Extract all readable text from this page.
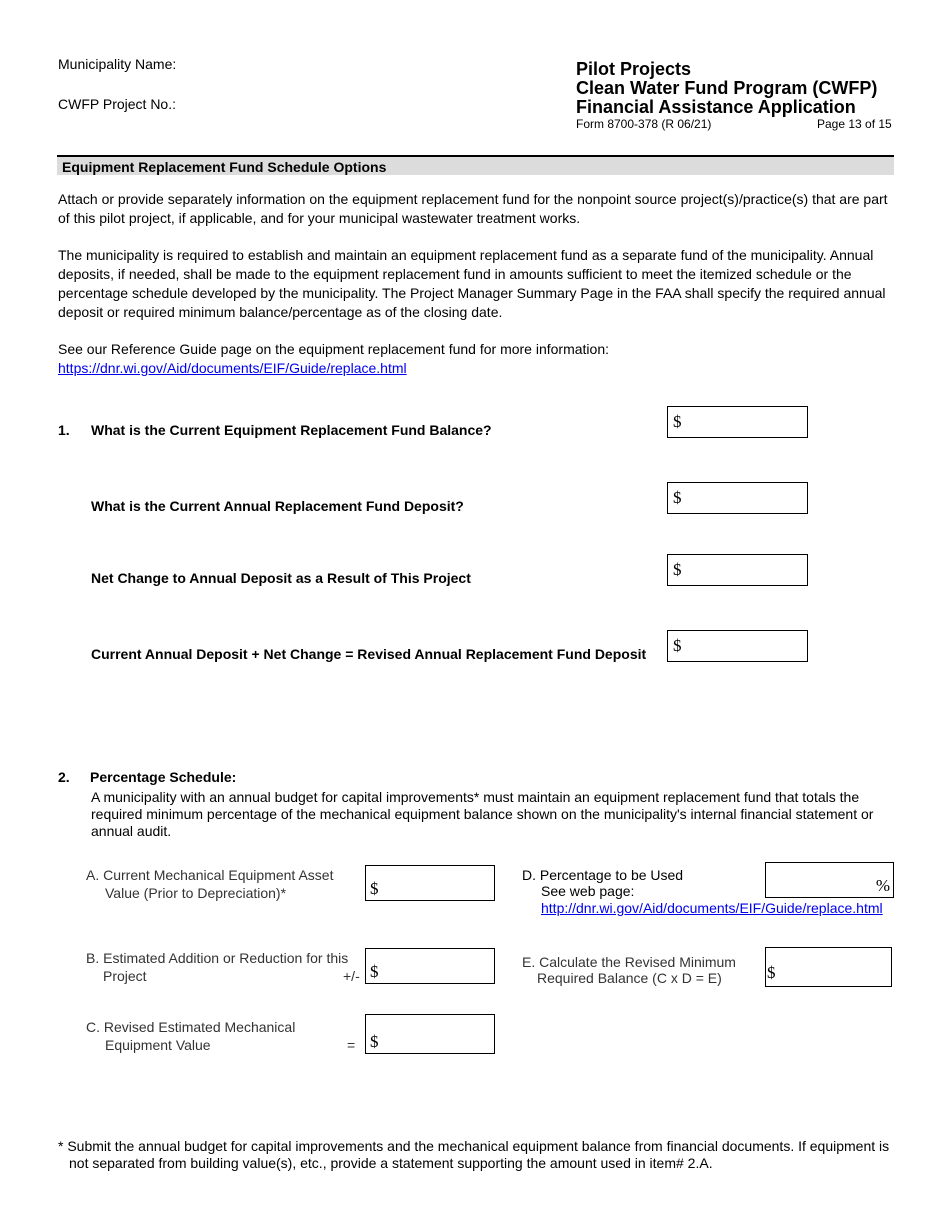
Municipality Name:
CWFP Project No.:
Pilot Projects
Clean Water Fund Program (CWFP)
Financial Assistance Application
Form 8700-378 (R 06/21)	Page 13 of 15
Equipment Replacement Fund Schedule Options
Attach or provide separately information on the equipment replacement fund for the nonpoint source project(s)/practice(s) that are part of this pilot project, if applicable, and for your municipal wastewater treatment works.
The municipality is required to establish and maintain an equipment replacement fund as a separate fund of the municipality. Annual deposits, if needed, shall be made to the equipment replacement fund in amounts sufficient to meet the itemized schedule or the percentage schedule developed by the municipality. The Project Manager Summary Page in the FAA shall specify the required annual deposit or required minimum balance/percentage as of the closing date.
See our Reference Guide page on the equipment replacement fund for more information:
https://dnr.wi.gov/Aid/documents/EIF/Guide/replace.html
1. What is the Current Equipment Replacement Fund Balance?	$
What is the Current Annual Replacement Fund Deposit?	$
Net Change to Annual Deposit as a Result of This Project	$
Current Annual Deposit + Net Change = Revised Annual Replacement Fund Deposit $
2. Percentage Schedule:
A municipality with an annual budget for capital improvements* must maintain an equipment replacement fund that totals the required minimum percentage of the mechanical equipment balance shown on the municipality's internal financial statement or annual audit.
A. Current Mechanical Equipment Asset
Value (Prior to Depreciation)*	$
B. Estimated Addition or Reduction for this
Project	+/- $
C. Revised Estimated Mechanical
Equipment Value	= $
D. Percentage to be Used
See web page:
http://dnr.wi.gov/Aid/documents/EIF/Guide/replace.html
%
E. Calculate the Revised Minimum
Required Balance (C x D = E)	$
* Submit the annual budget for capital improvements and the mechanical equipment balance from financial documents. If equipment is
not separated from building value(s), etc., provide a statement supporting the amount used in item# 2.A.
